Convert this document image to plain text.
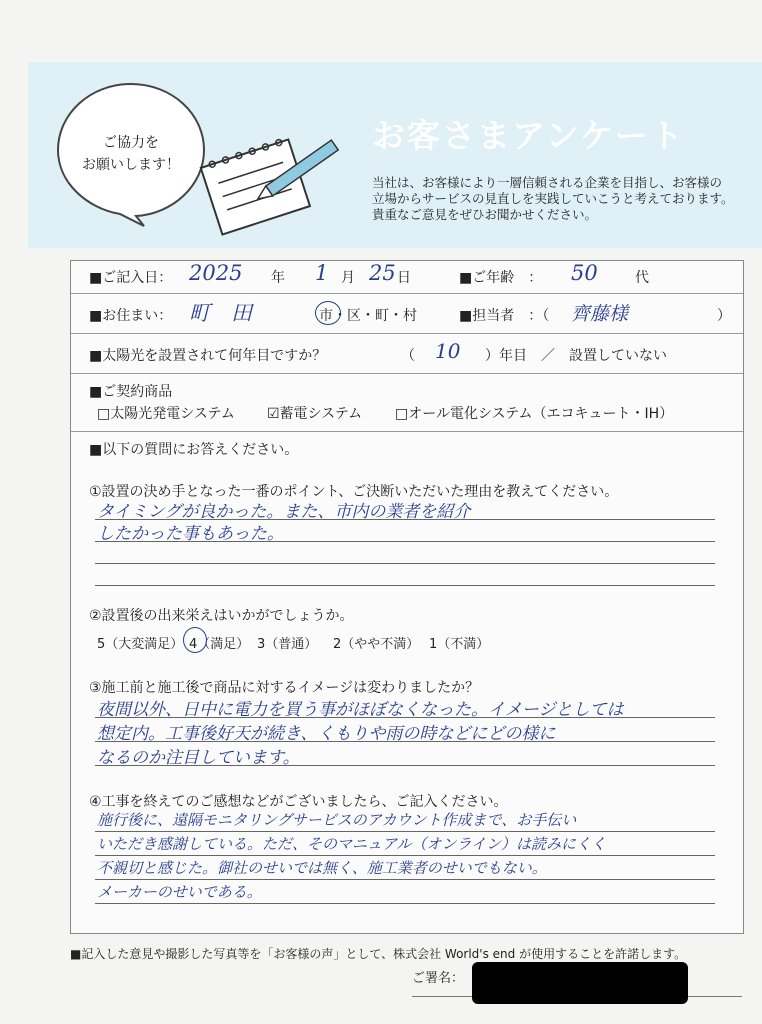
お客さまアンケート
当社は、お客様により一層信頼される企業を目指し、お客様の
立場からサービスの見直しを実践していこうと考えております。
貴重なご意見をぜひお聞かせください。
ご協力を
お願いします！
■ご記入日： 2025 年 1 月 25 日	■ご年齢　： 50	代
■お住まい： 町　田	市・区・町・村	■担当者　：（ 齊藤様	）
■太陽光を設置されて何年目ですか？	（ 10 ）年目　／　設置していない
■ご契約商品
□太陽光発電システム ☑蓄電システム □オール電化システム（エコキュート・IH）
■以下の質問にお答えください。
①設置の決め手となった一番のポイント、ご決断いただいた理由を教えてください。
タイミングが良かった。また、市内の業者を紹介
したかった事もあった。
②設置後の出来栄えはいかがでしょうか。
5（大変満足） 4（満足） 3（普通） 2（やや不満） 1（不満）
③施工前と施工後で商品に対するイメージは変わりましたか？
夜間以外、日中に電力を買う事がほぼなくなった。イメージとしては
想定内。工事後好天が続き、くもりや雨の時などにどの様に
なるのか注目しています。
④工事を終えてのご感想などがございましたら、ご記入ください。
施行後に、遠隔モニタリングサービスのアカウント作成まで、お手伝い
いただき感謝している。ただ、そのマニュアル（オンライン）は読みにくく
不親切と感じた。御社のせいでは無く、施工業者のせいでもない。
メーカーのせいである。
■記入した意見や撮影した写真等を「お客様の声」として、株式会社 World's end が使用することを許諾します。
ご署名：
